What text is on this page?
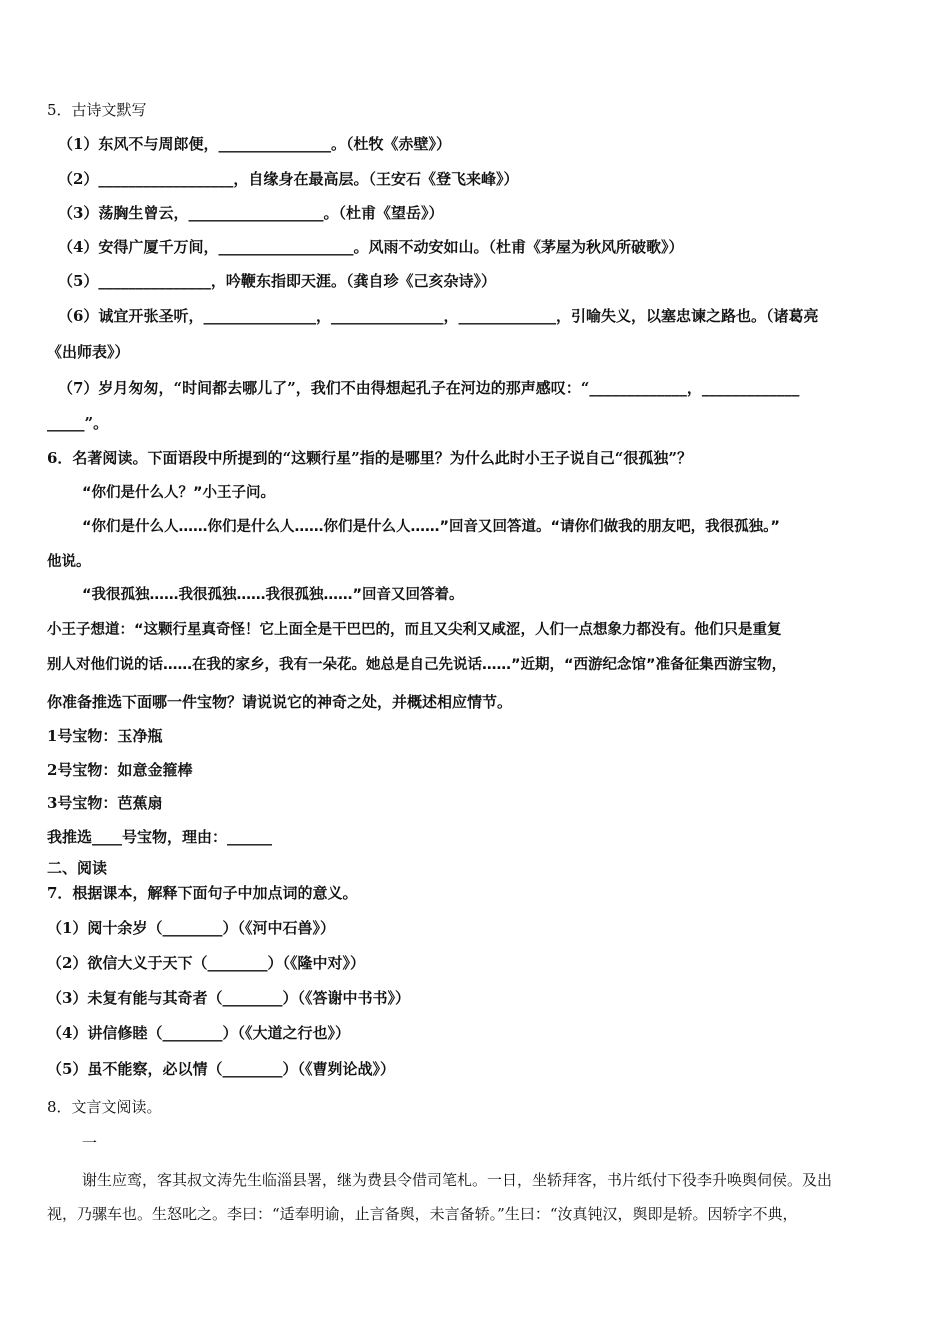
5．古诗文默写
（1）东风不与周郎便，_______________。（杜牧《赤壁》）
（2）__________________，自缘身在最高层。（王安石《登飞来峰》）
（3）荡胸生曾云，__________________。（杜甫《望岳》）
（4）安得广厦千万间，__________________。风雨不动安如山。（杜甫《茅屋为秋风所破歌》）
（5）_______________，吟鞭东指即天涯。（龚自珍《己亥杂诗》）
（6）诚宜开张圣听，_______________，_______________，_____________，引喻失义，以塞忠谏之路也。（诸葛亮
《出师表》）
（7）岁月匆匆，“时间都去哪儿了”，我们不由得想起孔子在河边的那声感叹：“_____________，_____________
_____”。
6．名著阅读。下面语段中所提到的“这颗行星”指的是哪里？为什么此时小王子说自己“很孤独”？
“你们是什么人？”小王子问。
“你们是什么人……你们是什么人……你们是什么人……”回音又回答道。“请你们做我的朋友吧，我很孤独。”
他说。
“我很孤独……我很孤独……我很孤独……”回音又回答着。
小王子想道：“这颗行星真奇怪！它上面全是干巴巴的，而且又尖利又咸涩，人们一点想象力都没有。他们只是重复
别人对他们说的话……在我的家乡，我有一朵花。她总是自己先说话……”近期，“西游纪念馆”准备征集西游宝物，
你准备推选下面哪一件宝物？请说说它的神奇之处，并概述相应情节。
1号宝物：玉净瓶
2号宝物：如意金箍棒
3号宝物：芭蕉扇
我推选____号宝物，理由：______
二、阅读
7．根据课本，解释下面句子中加点词的意义。
（1）阅十余岁（________）（《河中石兽》）
（2）欲信大义于天下（________）（《隆中对》）
（3）未复有能与其奇者（________）（《答谢中书书》）
（4）讲信修睦（________）（《大道之行也》）
（5）虽不能察，必以情（________）（《曹刿论战》）
8．文言文阅读。
一
谢生应鸾，客其叔文涛先生临淄县署，继为费县令借司笔札。一日，坐轿拜客，书片纸付下役李升唤舆伺侯。及出
视，乃骡车也。生怒叱之。李曰：“适奉明谕，止言备舆，未言备轿。”生曰：“汝真钝汉，舆即是轿。因轿字不典，
